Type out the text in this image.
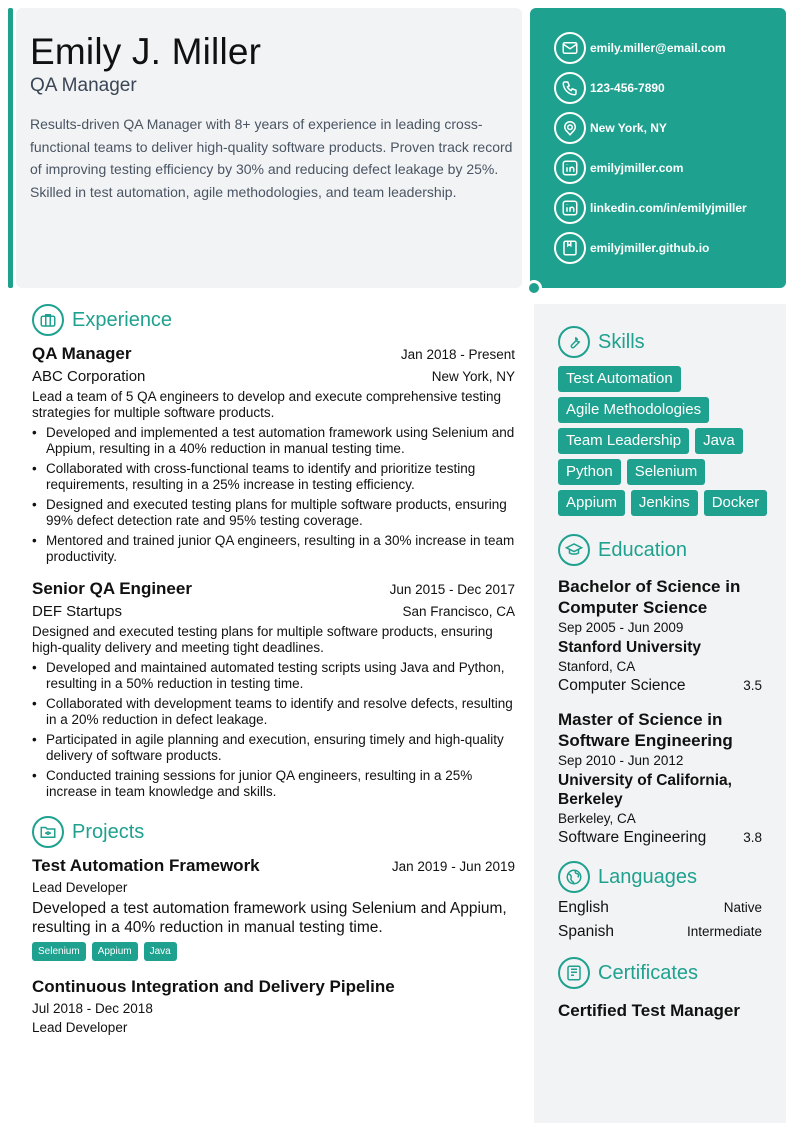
Emily J. Miller
QA Manager
Results-driven QA Manager with 8+ years of experience in leading cross-functional teams to deliver high-quality software products. Proven track record of improving testing efficiency by 30% and reducing defect leakage by 25%. Skilled in test automation, agile methodologies, and team leadership.
emily.miller@email.com
123-456-7890
New York, NY
emilyjmiller.com
linkedin.com/in/emilyjmiller
emilyjmiller.github.io
Experience
QA Manager	Jan 2018 - Present
ABC Corporation	New York, NY
Lead a team of 5 QA engineers to develop and execute comprehensive testing strategies for multiple software products.
• Developed and implemented a test automation framework using Selenium and Appium, resulting in a 40% reduction in manual testing time.
• Collaborated with cross-functional teams to identify and prioritize testing requirements, resulting in a 25% increase in testing efficiency.
• Designed and executed testing plans for multiple software products, ensuring 99% defect detection rate and 95% testing coverage.
• Mentored and trained junior QA engineers, resulting in a 30% increase in team productivity.
Senior QA Engineer	Jun 2015 - Dec 2017
DEF Startups	San Francisco, CA
Designed and executed testing plans for multiple software products, ensuring high-quality delivery and meeting tight deadlines.
• Developed and maintained automated testing scripts using Java and Python, resulting in a 50% reduction in testing time.
• Collaborated with development teams to identify and resolve defects, resulting in a 20% reduction in defect leakage.
• Participated in agile planning and execution, ensuring timely and high-quality delivery of software products.
• Conducted training sessions for junior QA engineers, resulting in a 25% increase in team knowledge and skills.
Projects
Test Automation Framework	Jan 2019 - Jun 2019
Lead Developer
Developed a test automation framework using Selenium and Appium, resulting in a 40% reduction in manual testing time.
Selenium	Appium	Java
Continuous Integration and Delivery Pipeline
Jul 2018 - Dec 2018
Lead Developer
Skills
Test Automation
Agile Methodologies
Team Leadership	Java
Python	Selenium
Appium	Jenkins	Docker
Education
Bachelor of Science in Computer Science
Sep 2005 - Jun 2009
Stanford University
Stanford, CA
Computer Science	3.5
Master of Science in Software Engineering
Sep 2010 - Jun 2012
University of California, Berkeley
Berkeley, CA
Software Engineering	3.8
Languages
English	Native
Spanish	Intermediate
Certificates
Certified Test Manager
